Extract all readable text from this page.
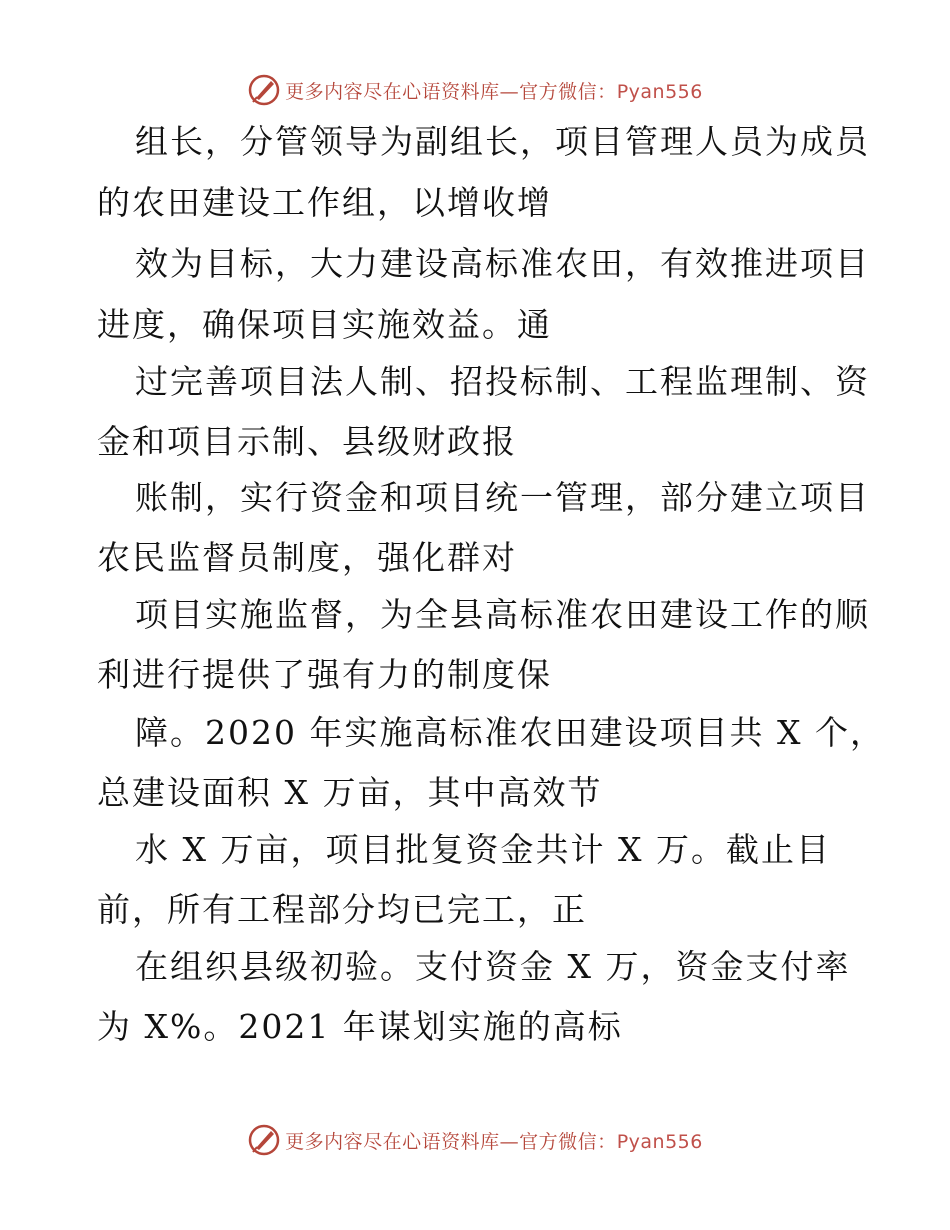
更多内容尽在心语资料库—官方微信：Pyan556
组长，分管领导为副组长，项目管理人员为成员
的农田建设工作组，以增收增
效为目标，大力建设高标准农田，有效推进项目
进度，确保项目实施效益。通
过完善项目法人制、招投标制、工程监理制、资
金和项目示制、县级财政报
账制，实行资金和项目统一管理，部分建立项目
农民监督员制度，强化群对
项目实施监督，为全县高标准农田建设工作的顺
利进行提供了强有力的制度保
障。2020 年实施高标准农田建设项目共 X 个，
总建设面积 X 万亩，其中高效节
水 X 万亩，项目批复资金共计 X 万。截止目
前，所有工程部分均已完工，正
在组织县级初验。支付资金 X 万，资金支付率
为 X%。2021 年谋划实施的高标
更多内容尽在心语资料库—官方微信：Pyan556
